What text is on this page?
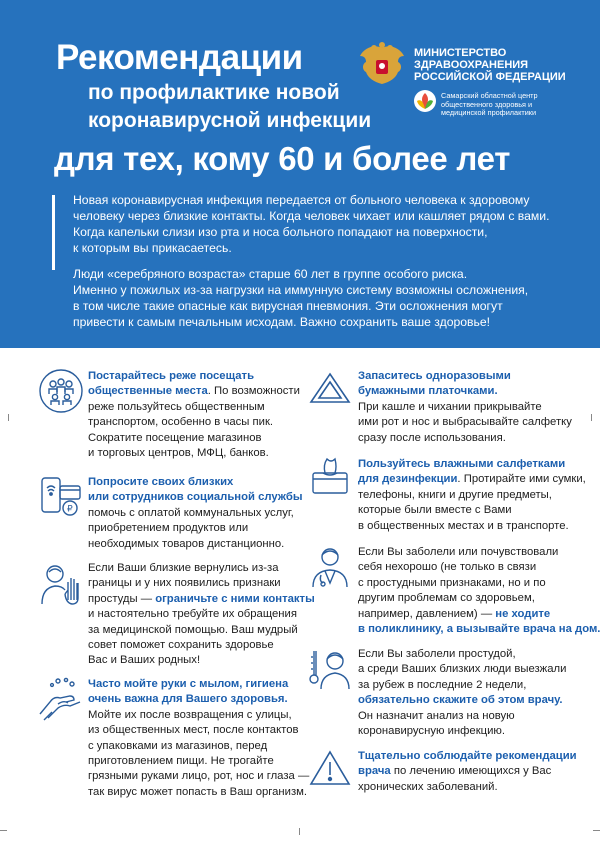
Рекомендации
по профилактике новой
коронавирусной инфекции
для тех, кому 60 и более лет
МИНИСТЕРСТВО
ЗДРАВООХРАНЕНИЯ
РОССИЙСКОЙ ФЕДЕРАЦИИ
Самарский областной центр
общественного здоровья и
медицинской профилактики

Новая коронавирусная инфекция передается от больного человека к здоровому
человеку через близкие контакты. Когда человек чихает или кашляет рядом с вами.
Когда капельки слизи изо рта и носа больного попадают на поверхности,
к которым вы прикасаетесь.

Люди «серебряного возраста» старше 60 лет в группе особого риска.
Именно у пожилых из-за нагрузки на иммунную систему возможны осложнения,
в том числе такие опасные как вирусная пневмония. Эти осложнения могут
привести к самым печальным исходам. Важно сохранить ваше здоровье!

Постарайтесь реже посещать
общественные места. По возможности
реже пользуйтесь общественным
транспортом, особенно в часы пик.
Сократите посещение магазинов
и торговых центров, МФЦ, банков.
₽
Попросите своих близких
или сотрудников социальной службы
помочь с оплатой коммунальных услуг,
приобретением продуктов или
необходимых товаров дистанционно.
Если Ваши близкие вернулись из-за
границы и у них появились признаки
простуды — ограничьте с ними контакты
и настоятельно требуйте их обращения
за медицинской помощью. Ваш мудрый
совет поможет сохранить здоровье
Вас и Ваших родных!
Часто мойте руки с мылом, гигиена
очень важна для Вашего здоровья.
Мойте их после возвращения с улицы,
из общественных мест, после контактов
с упаковками из магазинов, перед
приготовлением пищи. Не трогайте
грязными руками лицо, рот, нос и глаза —
так вирус может попасть в Ваш организм.
Запаситесь одноразовыми
бумажными платочками.
При кашле и чихании прикрывайте
ими рот и нос и выбрасывайте салфетку
сразу после использования.
Пользуйтесь влажными салфетками
для дезинфекции. Протирайте ими сумки,
телефоны, книги и другие предметы,
которые были вместе с Вами
в общественных местах и в транспорте.
Если Вы заболели или почувствовали
себя нехорошо (не только в связи
с простудными признаками, но и по
другим проблемам со здоровьем,
например, давлением) — не ходите
в поликлинику, а вызывайте врача на дом.
Если Вы заболели простудой,
а среди Ваших близких люди выезжали
за рубеж в последние 2 недели,
обязательно скажите об этом врачу.
Он назначит анализ на новую
коронавирусную инфекцию.
Тщательно соблюдайте рекомендации
врача по лечению имеющихся у Вас
хронических заболеваний.
